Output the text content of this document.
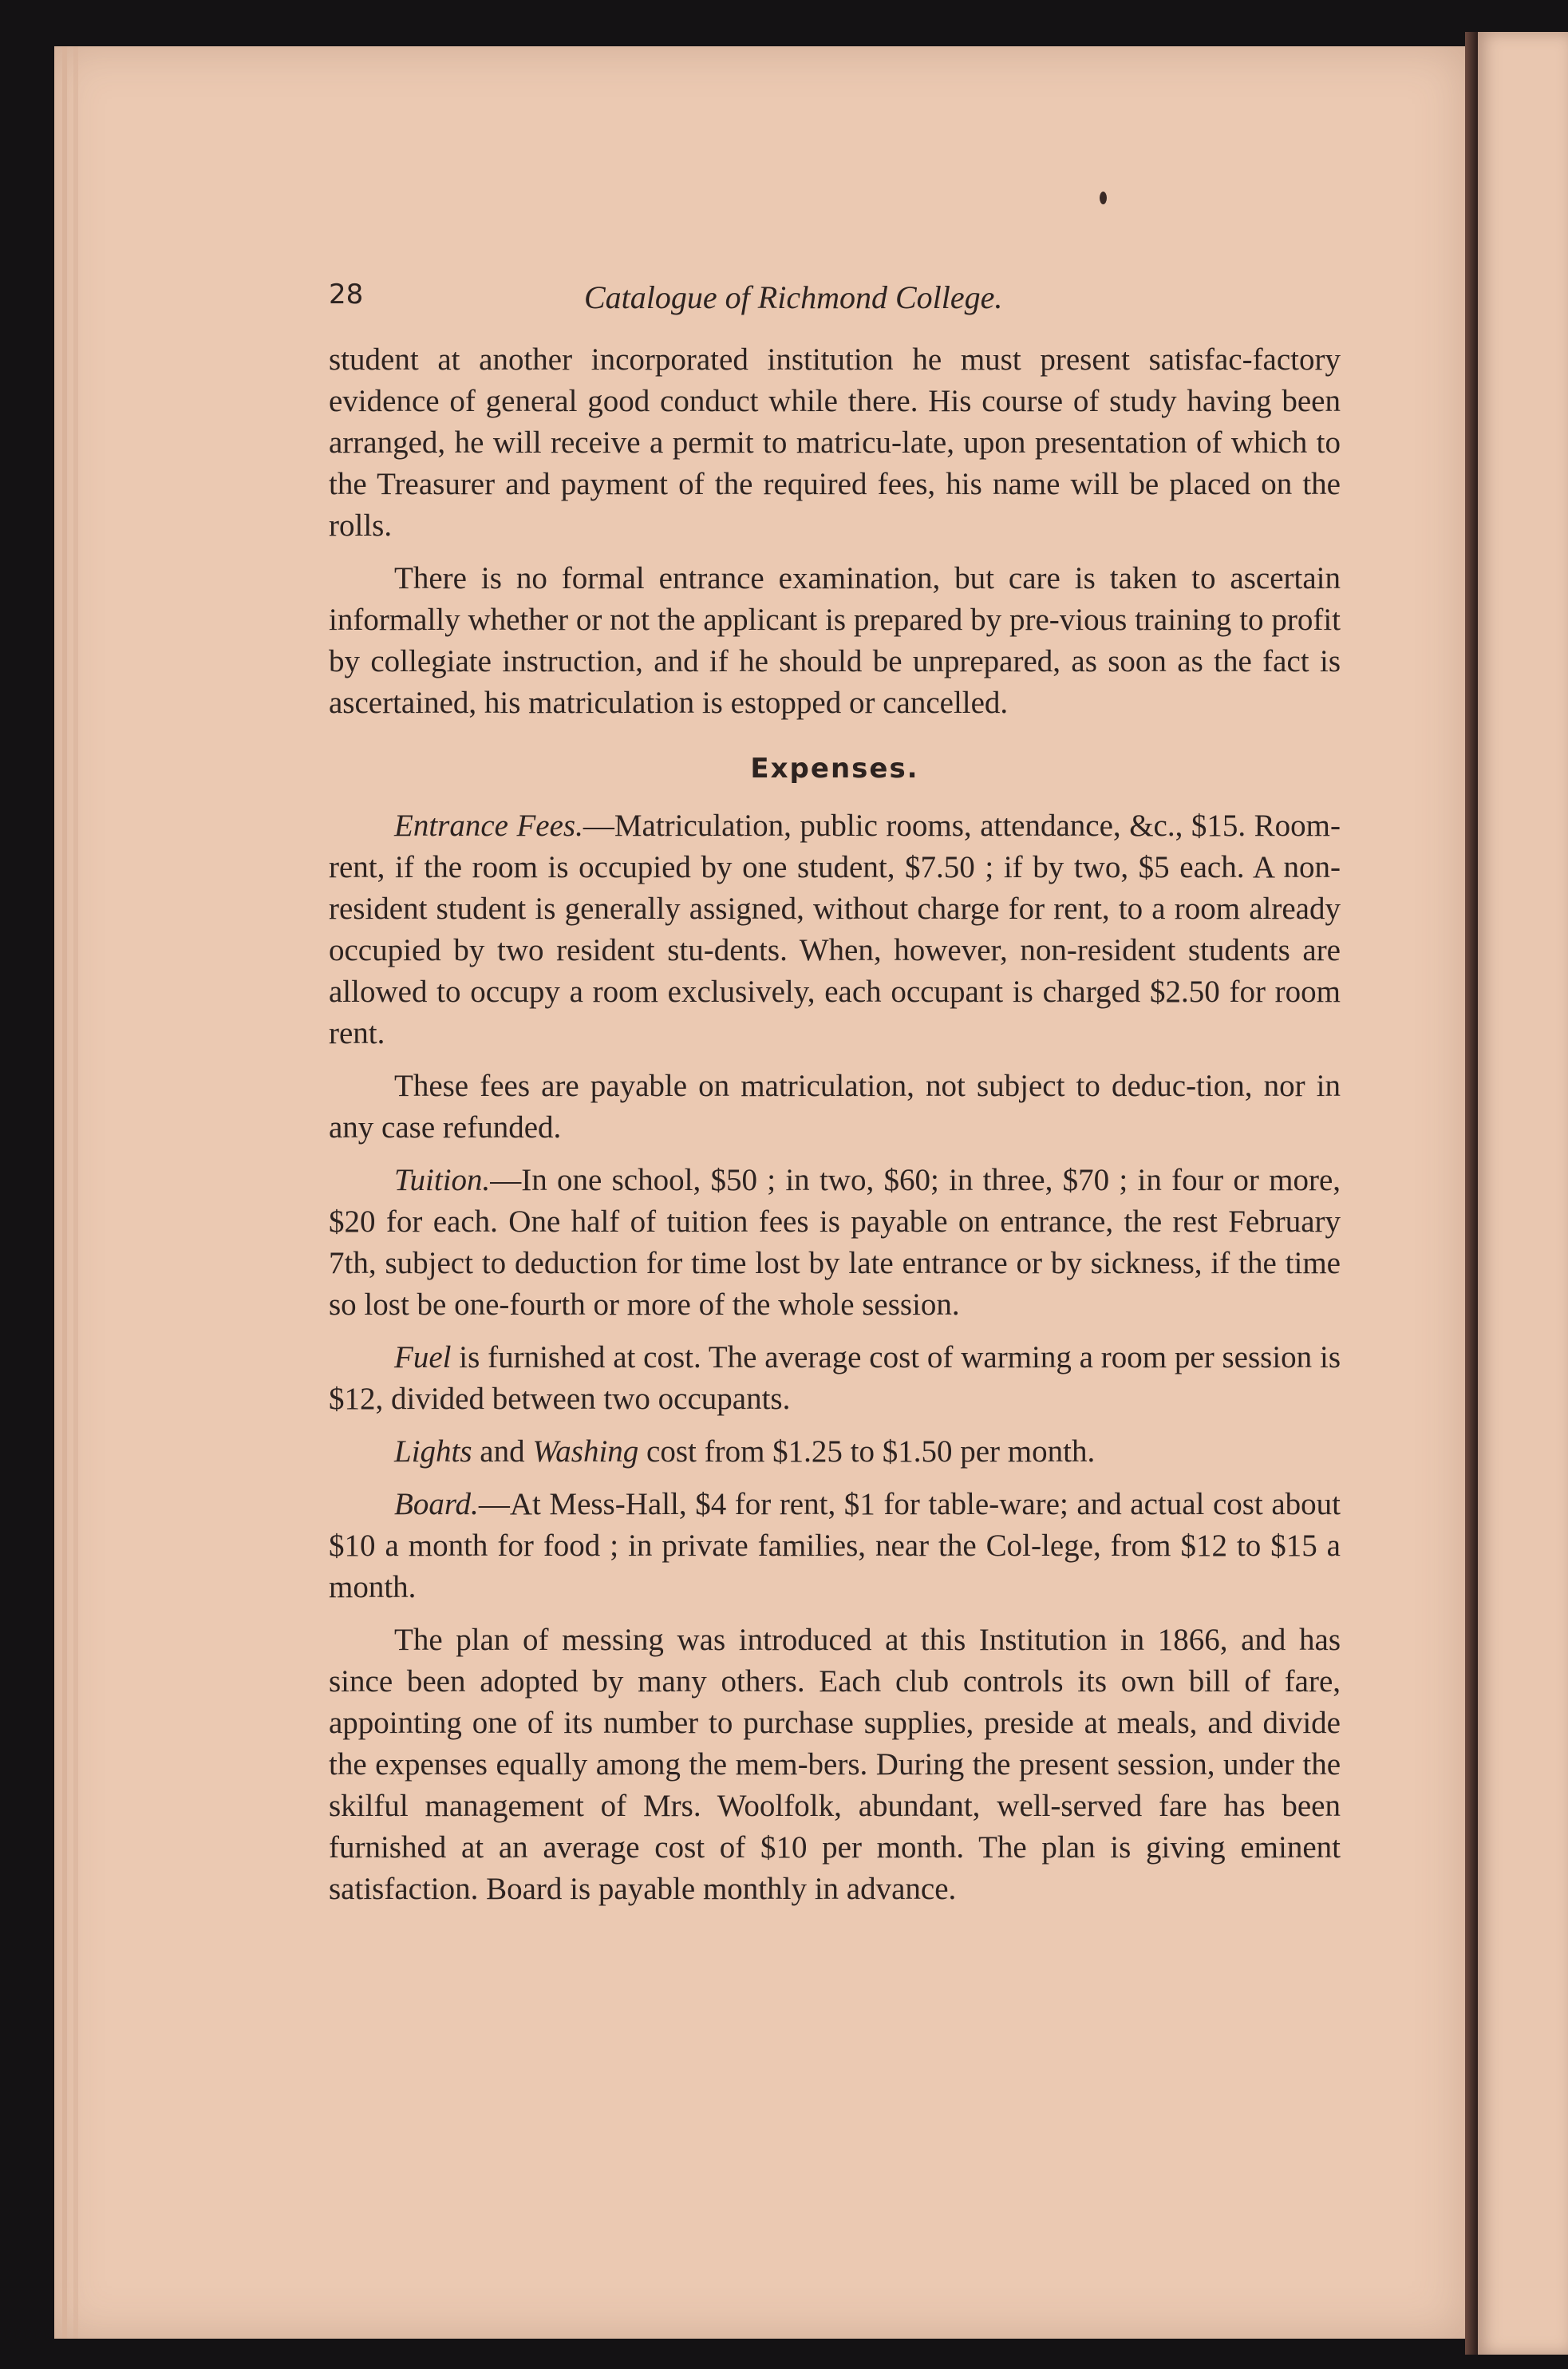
28	Catalogue of Richmond College.

student at another incorporated institution he must present satisfac-factory evidence of general good conduct while there. His course of study having been arranged, he will receive a permit to matricu-late, upon presentation of which to the Treasurer and payment of the required fees, his name will be placed on the rolls.

There is no formal entrance examination, but care is taken to ascertain informally whether or not the applicant is prepared by pre-vious training to profit by collegiate instruction, and if he should be unprepared, as soon as the fact is ascertained, his matriculation is estopped or cancelled.

Expenses.

Entrance Fees.—Matriculation, public rooms, attendance, &c., $15. Room-rent, if the room is occupied by one student, $7.50 ; if by two, $5 each. A non-resident student is generally assigned, without charge for rent, to a room already occupied by two resident stu-dents. When, however, non-resident students are allowed to occupy a room exclusively, each occupant is charged $2.50 for room rent.

These fees are payable on matriculation, not subject to deduc-tion, nor in any case refunded.

Tuition.—In one school, $50 ; in two, $60; in three, $70 ; in four or more, $20 for each. One half of tuition fees is payable on entrance, the rest February 7th, subject to deduction for time lost by late entrance or by sickness, if the time so lost be one-fourth or more of the whole session.

Fuel is furnished at cost. The average cost of warming a room per session is $12, divided between two occupants.

Lights and Washing cost from $1.25 to $1.50 per month.

Board.—At Mess-Hall, $4 for rent, $1 for table-ware; and actual cost about $10 a month for food ; in private families, near the Col-lege, from $12 to $15 a month.

The plan of messing was introduced at this Institution in 1866, and has since been adopted by many others. Each club controls its own bill of fare, appointing one of its number to purchase supplies, preside at meals, and divide the expenses equally among the mem-bers. During the present session, under the skilful management of Mrs. Woolfolk, abundant, well-served fare has been furnished at an average cost of $10 per month. The plan is giving eminent satisfaction. Board is payable monthly in advance.
